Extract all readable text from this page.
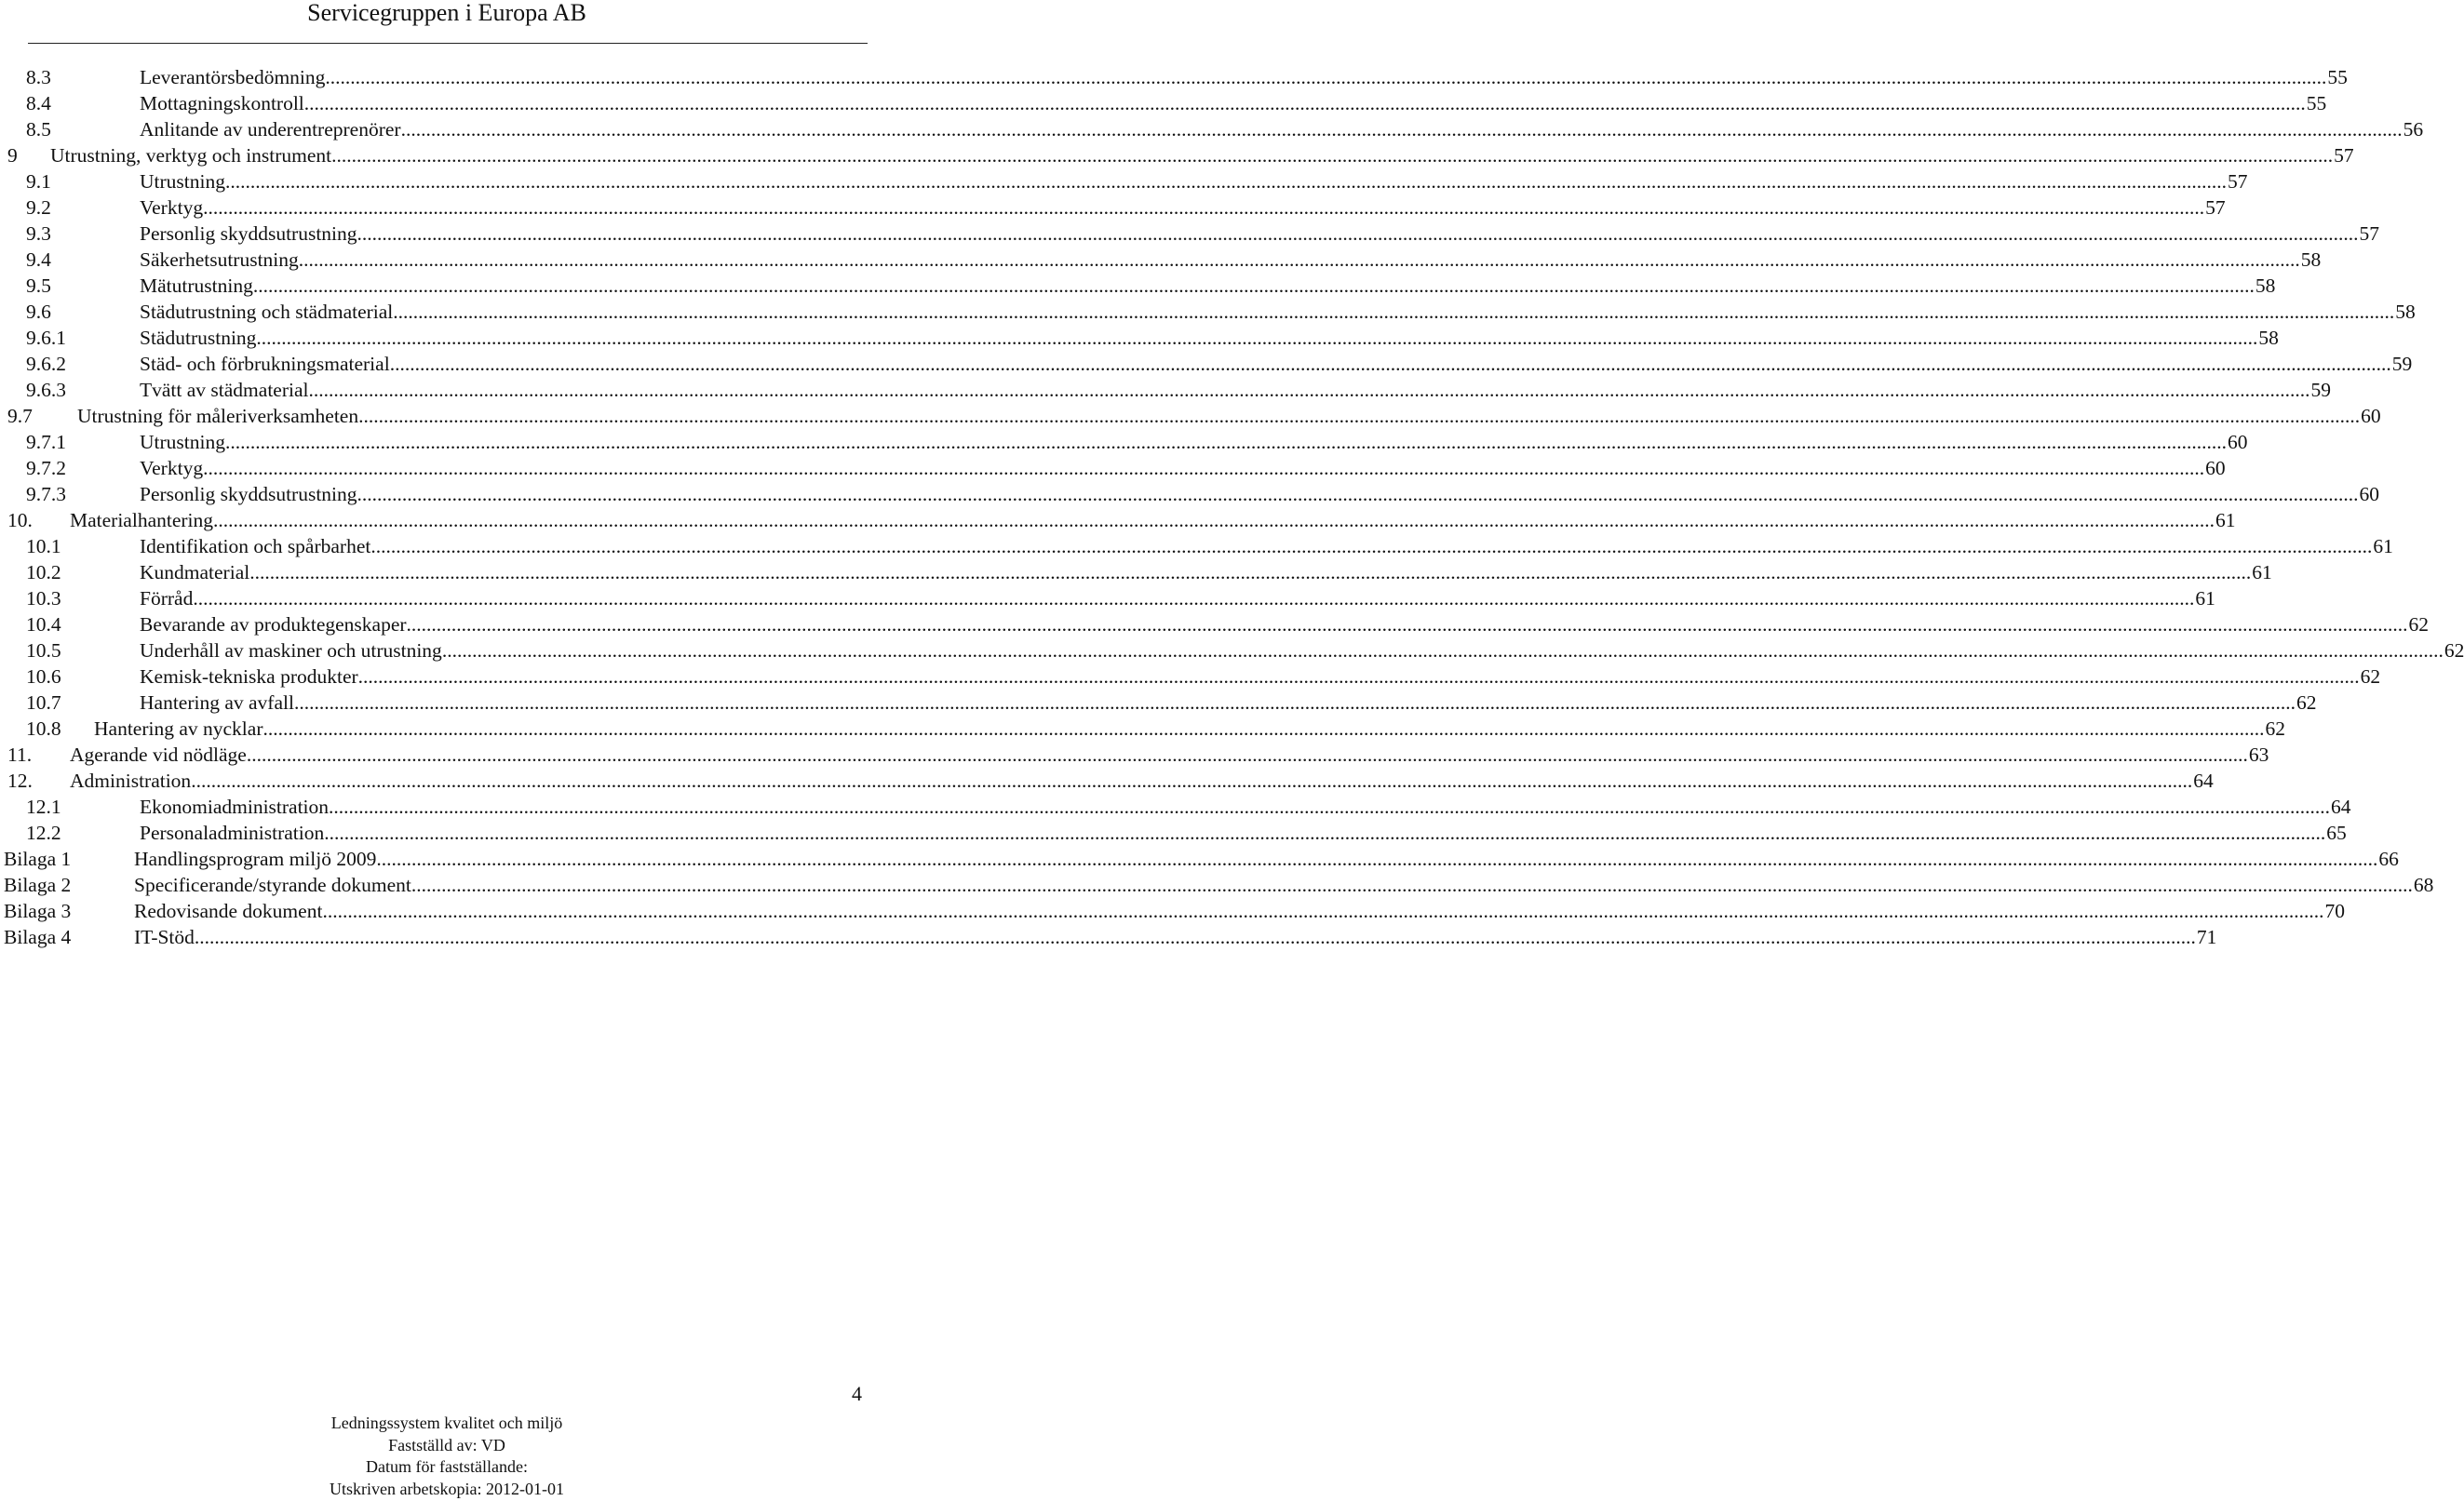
Servicegruppen i Europa AB
8.3	Leverantörsbedömning ................................................................................................................................................................................................................................................................................................................................................................................................................ 55
8.4	Mottagningskontroll ................................................................................................................................................................................................................................................................................................................................................................................................................ 55
8.5	Anlitande av underentreprenörer ................................................................................................................................................................................................................................................................................................................................................................................................................ 56
9 Utrustning, verktyg och instrument ................................................................................................................................................................................................................................................................................................................................................................................................................ 57
9.1	Utrustning ................................................................................................................................................................................................................................................................................................................................................................................................................ 57
9.2	Verktyg ................................................................................................................................................................................................................................................................................................................................................................................................................ 57
9.3	Personlig skyddsutrustning ................................................................................................................................................................................................................................................................................................................................................................................................................ 57
9.4	Säkerhetsutrustning ................................................................................................................................................................................................................................................................................................................................................................................................................ 58
9.5	Mätutrustning ................................................................................................................................................................................................................................................................................................................................................................................................................ 58
9.6	Städutrustning och städmaterial ................................................................................................................................................................................................................................................................................................................................................................................................................ 58
9.6.1	Städutrustning ................................................................................................................................................................................................................................................................................................................................................................................................................ 58
9.6.2	Städ- och förbrukningsmaterial ................................................................................................................................................................................................................................................................................................................................................................................................................ 59
9.6.3	Tvätt av städmaterial ................................................................................................................................................................................................................................................................................................................................................................................................................ 59
9.7 Utrustning för måleriverksamheten ................................................................................................................................................................................................................................................................................................................................................................................................................ 60
9.7.1	Utrustning ................................................................................................................................................................................................................................................................................................................................................................................................................ 60
9.7.2	Verktyg ................................................................................................................................................................................................................................................................................................................................................................................................................ 60
9.7.3	Personlig skyddsutrustning ................................................................................................................................................................................................................................................................................................................................................................................................................ 60
10. Materialhantering ................................................................................................................................................................................................................................................................................................................................................................................................................ 61
10.1	Identifikation och spårbarhet ................................................................................................................................................................................................................................................................................................................................................................................................................ 61
10.2	Kundmaterial ................................................................................................................................................................................................................................................................................................................................................................................................................ 61
10.3	Förråd ................................................................................................................................................................................................................................................................................................................................................................................................................ 61
10.4	Bevarande av produktegenskaper ................................................................................................................................................................................................................................................................................................................................................................................................................ 62
10.5	Underhåll av maskiner och utrustning ................................................................................................................................................................................................................................................................................................................................................................................................................ 62
10.6	Kemisk-tekniska produkter ................................................................................................................................................................................................................................................................................................................................................................................................................ 62
10.7	Hantering av avfall ................................................................................................................................................................................................................................................................................................................................................................................................................ 62
10.8 Hantering av nycklar ................................................................................................................................................................................................................................................................................................................................................................................................................ 62
11. Agerande vid nödläge ................................................................................................................................................................................................................................................................................................................................................................................................................ 63
12. Administration ................................................................................................................................................................................................................................................................................................................................................................................................................ 64
12.1	Ekonomiadministration ................................................................................................................................................................................................................................................................................................................................................................................................................ 64
12.2	Personaladministration ................................................................................................................................................................................................................................................................................................................................................................................................................ 65
Bilaga 1	Handlingsprogram miljö 2009 ................................................................................................................................................................................................................................................................................................................................................................................................................ 66
Bilaga 2	Specificerande/styrande dokument ................................................................................................................................................................................................................................................................................................................................................................................................................ 68
Bilaga 3	Redovisande dokument ................................................................................................................................................................................................................................................................................................................................................................................................................ 70
Bilaga 4	IT-Stöd ................................................................................................................................................................................................................................................................................................................................................................................................................ 71
4
Ledningssystem kvalitet och miljö
Fastställd av: VD
Datum för fastställande:
Utskriven arbetskopia: 2012-01-01
